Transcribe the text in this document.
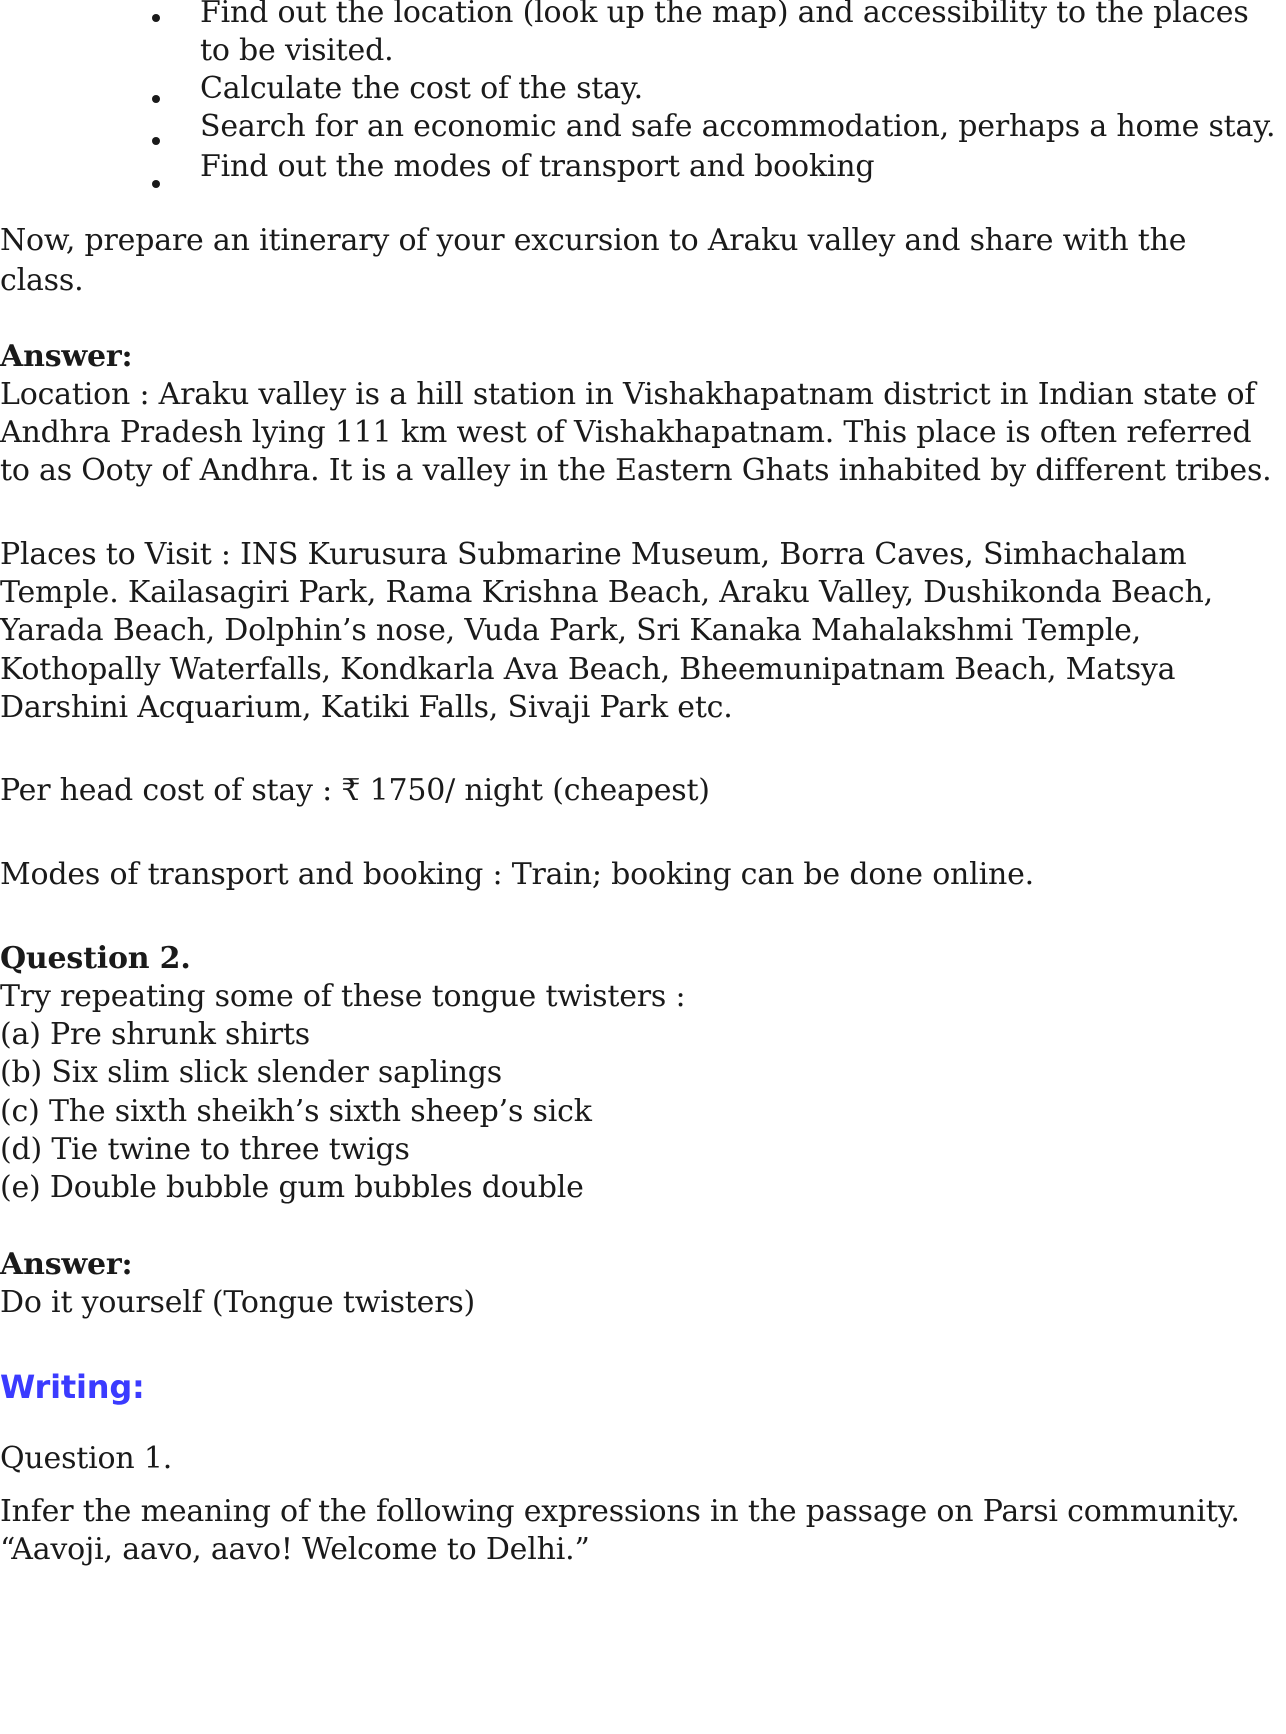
Find out the location (look up the map) and accessibility to the places
to be visited.
Calculate the cost of the stay.
Search for an economic and safe accommodation, perhaps a home stay.
Find out the modes of transport and booking
Now, prepare an itinerary of your excursion to Araku valley and share with the
class.
Answer:
Location : Araku valley is a hill station in Vishakhapatnam district in Indian state of
Andhra Pradesh lying 111 km west of Vishakhapatnam. This place is often referred
to as Ooty of Andhra. It is a valley in the Eastern Ghats inhabited by different tribes.
Places to Visit : INS Kurusura Submarine Museum, Borra Caves, Simhachalam
Temple. Kailasagiri Park, Rama Krishna Beach, Araku Valley, Dushikonda Beach,
Yarada Beach, Dolphin’s nose, Vuda Park, Sri Kanaka Mahalakshmi Temple,
Kothopally Waterfalls, Kondkarla Ava Beach, Bheemunipatnam Beach, Matsya
Darshini Acquarium, Katiki Falls, Sivaji Park etc.
Per head cost of stay : ₹ 1750/ night (cheapest)
Modes of transport and booking : Train; booking can be done online.
Question 2.
Try repeating some of these tongue twisters :
(a) Pre shrunk shirts
(b) Six slim slick slender saplings
(c) The sixth sheikh’s sixth sheep’s sick
(d) Tie twine to three twigs
(e) Double bubble gum bubbles double
Answer:
Do it yourself (Tongue twisters)
Writing:
Question 1.
Infer the meaning of the following expressions in the passage on Parsi community.
“Aavoji, aavo, aavo! Welcome to Delhi.”
